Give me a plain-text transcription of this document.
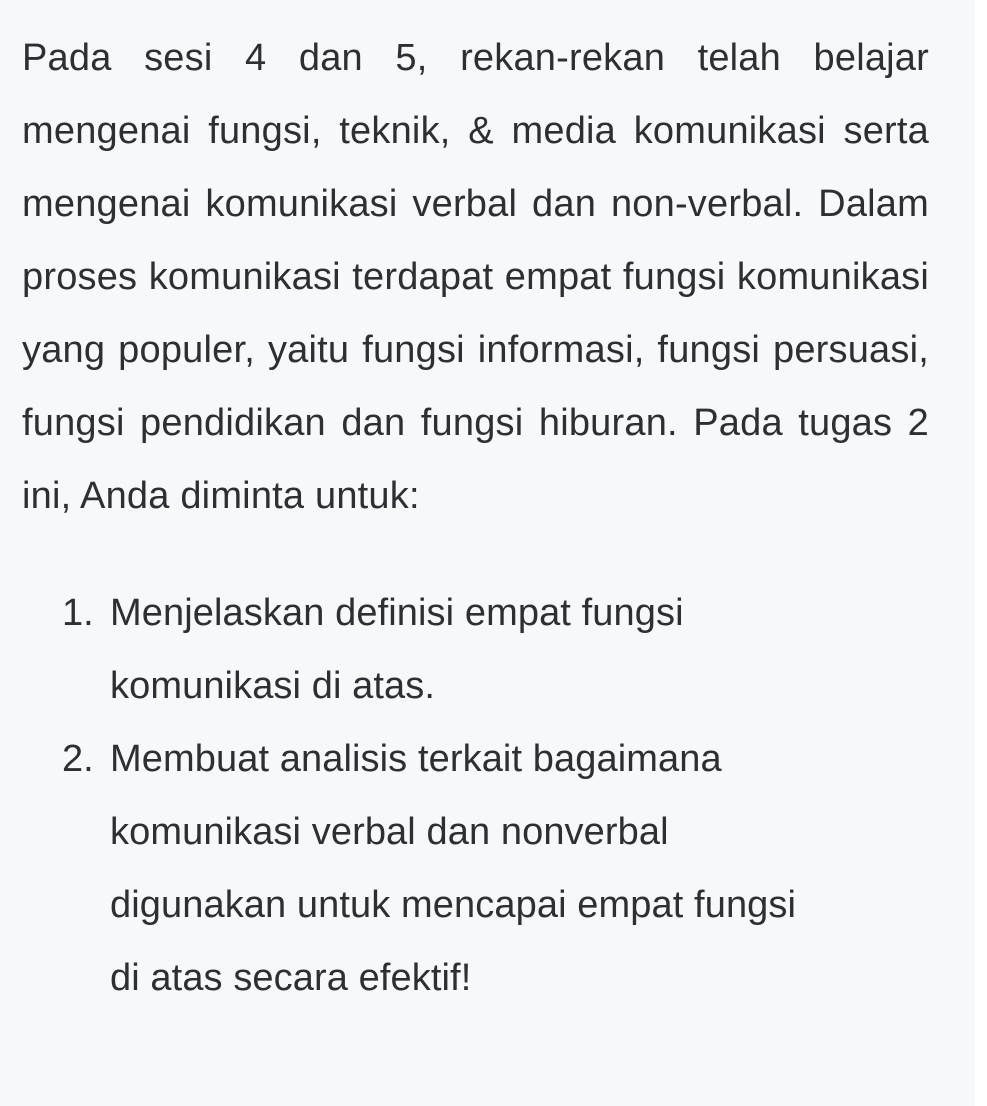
Pada sesi 4 dan 5, rekan-rekan telah belajar mengenai fungsi, teknik, & media komunikasi serta mengenai komunikasi verbal dan non-verbal. Dalam proses komunikasi terdapat empat fungsi komunikasi yang populer, yaitu fungsi informasi, fungsi persuasi, fungsi pendidikan dan fungsi hiburan. Pada tugas 2 ini, Anda diminta untuk:

1. Menjelaskan definisi empat fungsi komunikasi di atas.
2. Membuat analisis terkait bagaimana komunikasi verbal dan nonverbal digunakan untuk mencapai empat fungsi di atas secara efektif!
